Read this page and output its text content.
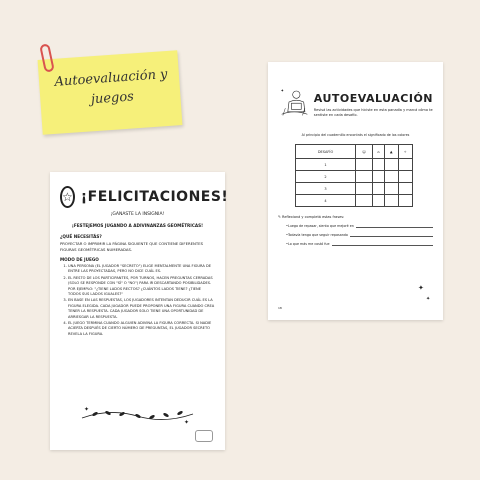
Autoevaluación y juegos
☆ ¡FELICITACIONES!
¡GANASTE LA INSIGNIA!
¡FESTEJEMOS JUGANDO A ADIVINANZAS GEOMÉTRICAS!
¿QUÉ NECESITÁS?
PROYECTAR O IMPRIMIR LA PÁGINA SIGUIENTE QUE CONTIENE DIFERENTES FIGURAS GEOMÉTRICAS NUMERADAS.
MODO DE JUEGO
1. UNA PERSONA (EL JUGADOR "SECRETO") ELIGE MENTALMENTE UNA FIGURA DE ENTRE LAS PROYECTADAS, PERO NO DICE CUÁL ES.
2. EL RESTO DE LOS PARTICIPANTES, POR TURNOS, HACEN PREGUNTAS CERRADAS (SOLO SE RESPONDE CON "SÍ" O "NO") PARA IR DESCARTANDO POSIBILIDADES. POR EJEMPLO: "¿TIENE LADOS RECTOS? ¿CUÁNTOS LADOS TIENE? ¿TIENE TODOS SUS LADOS IGUALES?"
3. EN BASE EN LAS RESPUESTAS, LOS JUGADORES INTENTAN DEDUCIR CUÁL ES LA FIGURA ELEGIDA. CADA JUGADOR PUEDE PROPONER UNA FIGURA CUANDO CREA TENER LA RESPUESTA. CADA JUGADOR SOLO TIENE UNA OPORTUNIDAD DE ARRIESGAR LA RESPUESTA.
4. EL JUEGO TERMINA CUANDO ALGUIEN ADIVINA LA FIGURA CORRECTA. SI NADIE ACIERTA DESPUÉS DE CIERTO NÚMERO DE PREGUNTAS, EL JUGADOR SECRETO REVELA LA FIGURA.
✦
✦
✦
AUTOEVALUACIÓN
Revisá las actividades que hiciste en esta panadía y marcá cómo te sentiste en cada desafío.
Al principio del cuadernillo encontrás el significado de los colores
DESAFÍO	☺	⌂	▲	✧
1				
2				
3				
4				
✎ Reflexioná y completá estas frases:
• Luego de repasar, siento que mejoré en
• Todavía tengo que seguir repasando
• Lo que más me costó fue
18
✦
✦
